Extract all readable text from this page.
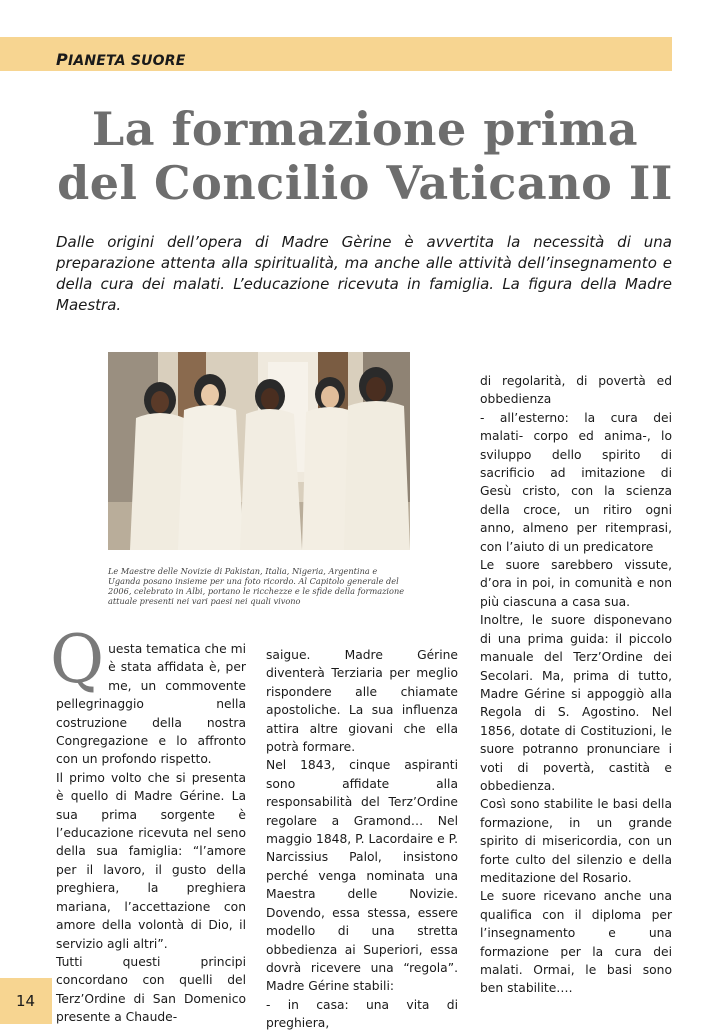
PIANETA SUORE
La formazione prima
del Concilio Vaticano II
Dalle origini dell’opera di Madre Gèrine è avvertita la necessità di una preparazione attenta alla spiritualità, ma anche alle attività dell’insegnamento e della cura dei malati. L’educazione ricevuta in famiglia. La figura della Madre Maestra.
Le Maestre delle Novizie di Pakistan, Italia, Nigeria, Argentina e Uganda posano insieme per una foto ricordo. Al Capitolo generale del 2006, celebrato in Albi, portano le ricchezze e le sfide della formazione attuale presenti nei vari paesi nei quali vivono
Q uesta tematica che mi è stata affidata è, per me, un commovente pellegrinaggio nella costruzione della nostra Congregazione e lo affronto con un profondo rispetto.

Il primo volto che si presenta è quello di Madre Gérine. La sua prima sorgente è l’educazione ricevuta nel seno della sua famiglia: “l’amore per il lavoro, il gusto della preghiera, la preghiera mariana, l’accettazione con amore della volontà di Dio, il servizio agli altri”.

Tutti questi principi concordano con quelli del Terz’Ordine di San Domenico presente a Chaude-

saigue. Madre Gérine diventerà Terziaria per meglio rispondere alle chiamate apostoliche. La sua influenza attira altre giovani che ella potrà formare.

Nel 1843, cinque aspiranti sono affidate alla responsabilità del Terz’Ordine regolare a Gramond… Nel maggio 1848, P. Lacordaire e P. Narcissius Palol, insistono perché venga nominata una Maestra delle Novizie. Dovendo, essa stessa, essere modello di una stretta obbedienza ai Superiori, essa dovrà ricevere una “regola”. Madre Gérine stabili:

- in casa: una vita di preghiera,

di regolarità, di povertà ed obbedienza

- all’esterno: la cura dei malati- corpo ed anima-, lo sviluppo dello spirito di sacrificio ad imitazione di Gesù cristo, con la scienza della croce, un ritiro ogni anno, almeno per ritemprasi, con l’aiuto di un predicatore

Le suore sarebbero vissute, d’ora in poi, in comunità e non più ciascuna a casa sua.

Inoltre, le suore disponevano di una prima guida: il piccolo manuale del Terz’Ordine dei Secolari. Ma, prima di tutto, Madre Gérine si appoggiò alla Regola di S. Agostino. Nel 1856, dotate di Costituzioni, le suore potranno pronunciare i voti di povertà, castità e obbedienza.

Così sono stabilite le basi della formazione, in un grande spirito di misericordia, con un forte culto del silenzio e della meditazione del Rosario.

Le suore ricevano anche una qualifica con il diploma per l’insegnamento e una formazione per la cura dei malati. Ormai, le basi sono ben stabilite….

14
